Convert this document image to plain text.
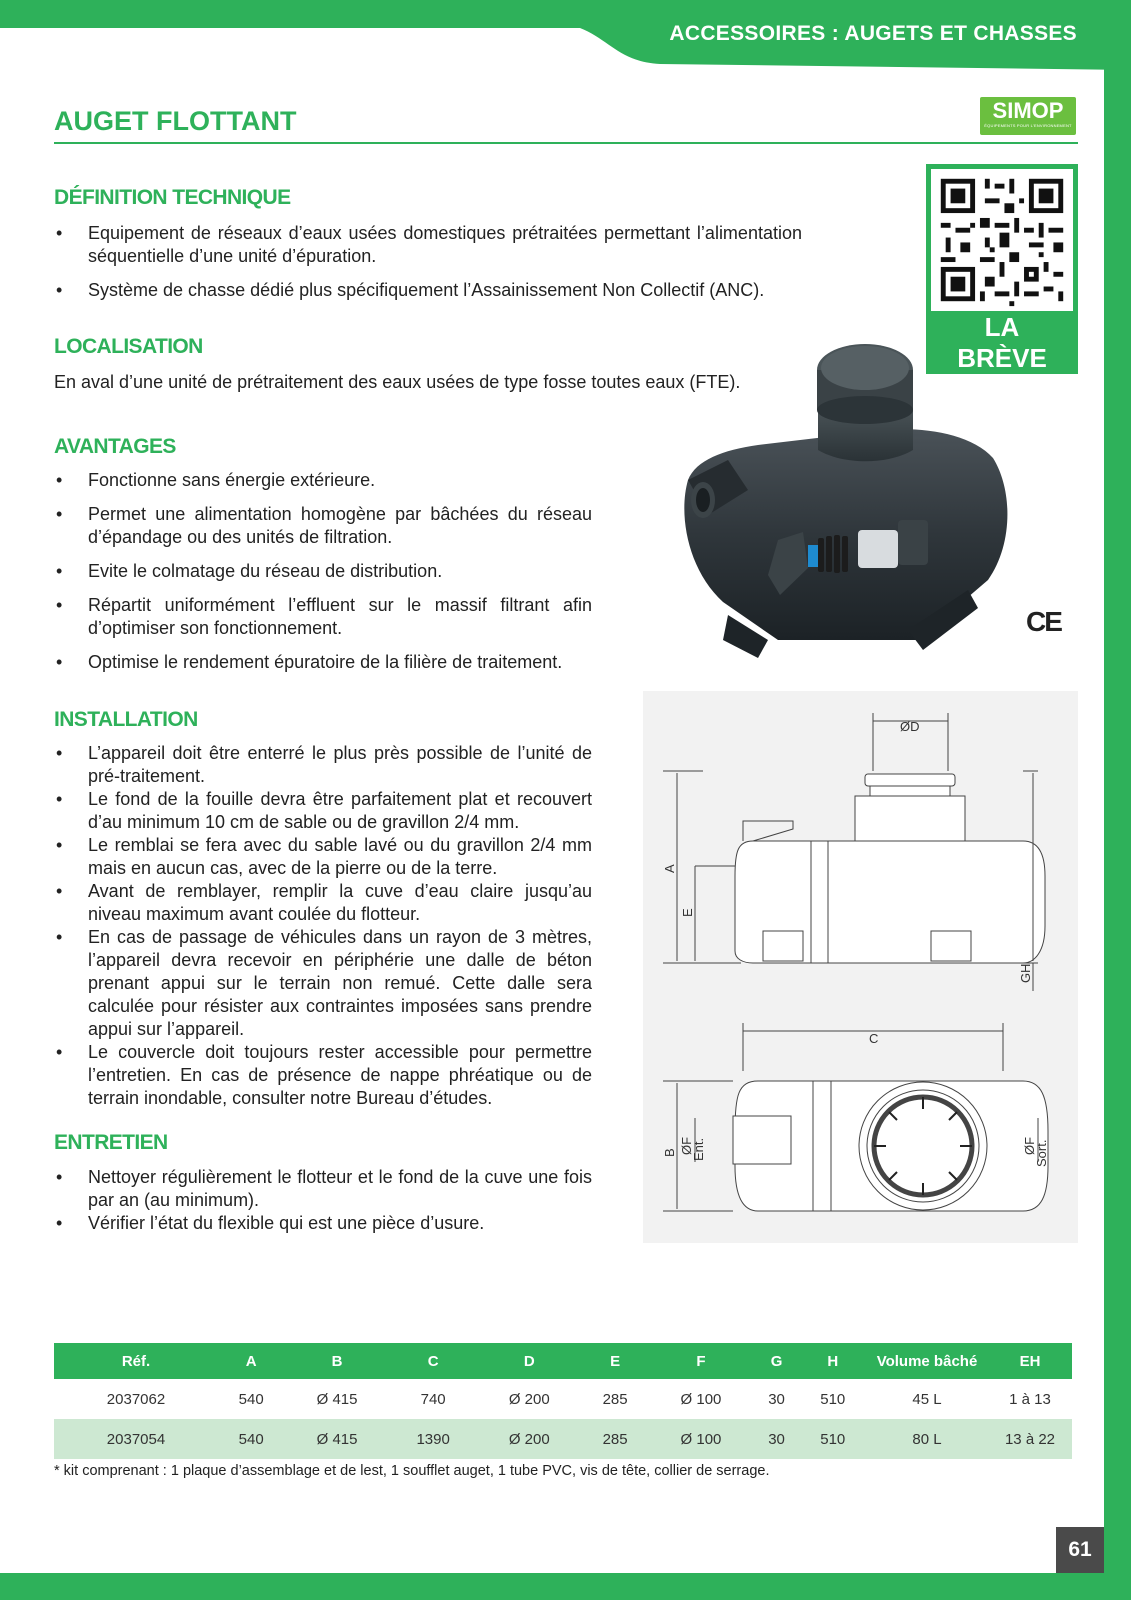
ACCESSOIRES : AUGETS ET CHASSES
61
AUGET FLOTTANT	SIMOP
ÉQUIPEMENTS POUR L'ENVIRONNEMENT
LA
BRÈVE
DÉFINITION TECHNIQUE
• Equipement de réseaux d’eaux usées domestiques prétraitées permettant l’alimentation séquentielle d’une unité d’épuration.
• Système de chasse dédié plus spécifiquement l’Assainissement Non Collectif (ANC).
LOCALISATION
En aval d’une unité de prétraitement des eaux usées de type fosse toutes eaux (FTE).
AVANTAGES
• Fonctionne sans énergie extérieure.
• Permet une alimentation homogène par bâchées du réseau d’épandage ou des unités de filtration.
• Evite le colmatage du réseau de distribution.
• Répartit uniformément l’effluent sur le massif filtrant afin d’optimiser son fonctionnement.
• Optimise le rendement épuratoire de la filière de traitement.
CE
INSTALLATION
• L’appareil doit être enterré le plus près possible de l’unité de pré-traitement.
• Le fond de la fouille devra être parfaitement plat et recouvert d’au minimum 10 cm de sable ou de gravillon 2/4 mm.
• Le remblai se fera avec du sable lavé ou du gravillon 2/4 mm mais en aucun cas, avec de la pierre ou de la terre.
• Avant de remblayer, remplir la cuve d’eau claire jusqu’au niveau maximum avant coulée du flotteur.
• En cas de passage de véhicules dans un rayon de 3 mètres, l’appareil devra recevoir en périphérie une dalle de béton prenant appui sur le terrain non remué. Cette dalle sera calculée pour résister aux contraintes imposées sans prendre appui sur l’appareil.
• Le couvercle doit toujours rester accessible pour permettre l’entretien. En cas de présence de nappe phréatique ou de terrain inondable, consulter notre Bureau d’études.
ENTRETIEN
• Nettoyer régulièrement le flotteur et le fond de la cuve une fois par an (au minimum).
• Vérifier l’état du flexible qui est une pièce d’usure.
ØD
A
E
G
H
C
B ØF
Ent.	ØF
Sort.
Réf.	A	B	C	D	E	F	G	H	Volume bâché	EH
2037062	540	Ø 415	740	Ø 200	285	Ø 100	30	510	45 L	1 à 13
2037054	540	Ø 415	1390	Ø 200	285	Ø 100	30	510	80 L	13 à 22
* kit comprenant : 1 plaque d’assemblage et de lest, 1 soufflet auget, 1 tube PVC, vis de tête, collier de serrage.
